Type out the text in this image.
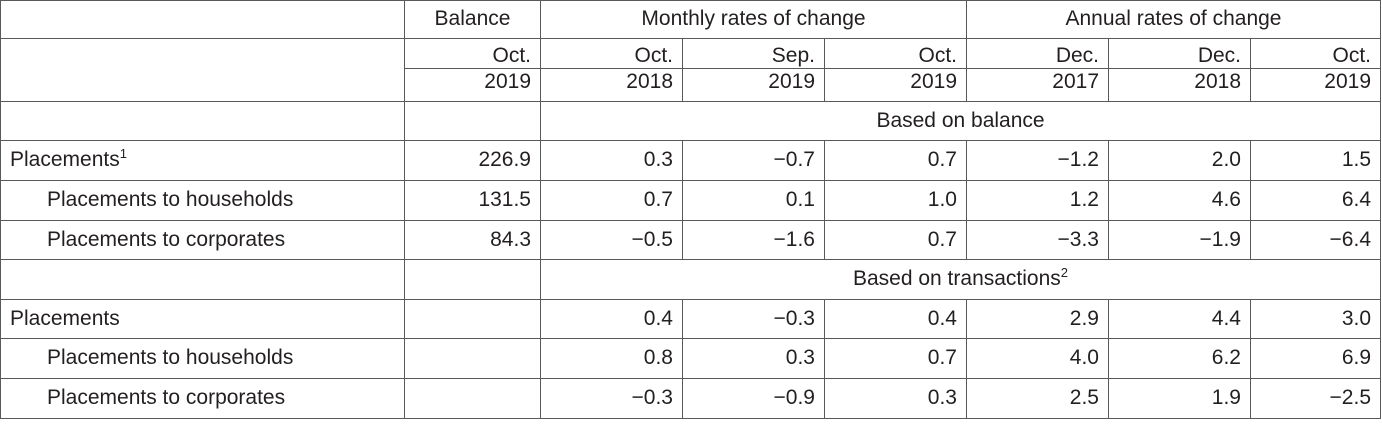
	Balance	Monthly rates of change			Annual rates of change		

	Oct.	Oct.	Sep.	Oct.	Dec.	Dec.	Oct.

	2019	2018	2019	2019	2017	2018	2019

		Based on balance					

Placements$^1$	226.9	0.3	−0.7	0.7	−1.2	2.0	1.5

Placements to households	131.5	0.7	0.1	1.0	1.2	4.6	6.4

Placements to corporates	84.3	−0.5	−1.6	0.7	−3.3	−1.9	−6.4

		Based on transactions$^2$

Placements		0.4	−0.3	0.4	2.9	4.4	3.0

Placements to households		0.8	0.3	0.7	4.0	6.2	6.9

Placements to corporates		−0.3	−0.9	0.3	2.5	1.9	−2.5
